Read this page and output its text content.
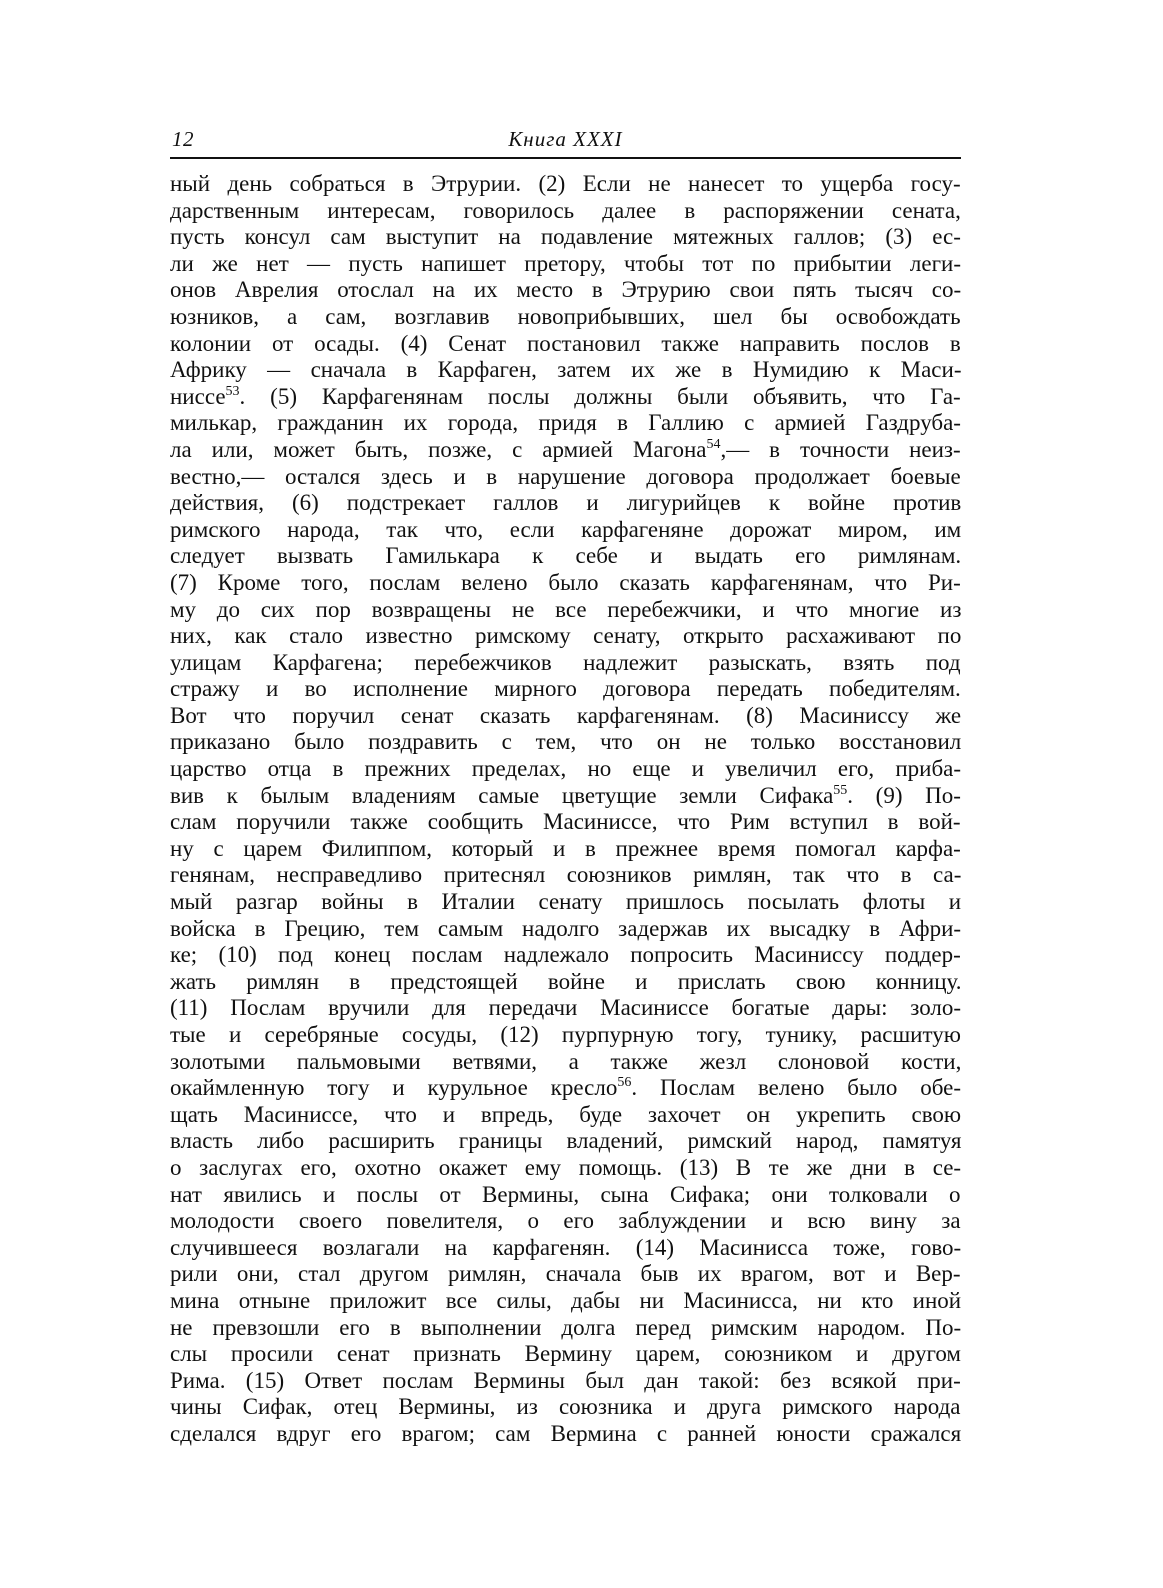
12	Книга XXXI
ный день собраться в Этрурии. (2) Если не нанесет то ущерба госу-
дарственным интересам, говорилось далее в распоряжении сената,
пусть консул сам выступит на подавление мятежных галлов; (3) ес-
ли же нет — пусть напишет претору, чтобы тот по прибытии леги-
онов Аврелия отослал на их место в Этрурию свои пять тысяч со-
юзников, а сам, возглавив новоприбывших, шел бы освобождать
колонии от осады. (4) Сенат постановил также направить послов в
Африку — сначала в Карфаген, затем их же в Нумидию к Маси-
ниссе$^{53}$. (5) Карфагенянам послы должны были объявить, что Га-
милькар, гражданин их города, придя в Галлию с армией Газдруба-
ла или, может быть, позже, с армией Магона$^{54}$,— в точности неиз-
вестно,— остался здесь и в нарушение договора продолжает боевые
действия, (6) подстрекает галлов и лигурийцев к войне против
римского народа, так что, если карфагеняне дорожат миром, им
следует вызвать Гамилькара к себе и выдать его римлянам.
(7) Кроме того, послам велено было сказать карфагенянам, что Ри-
му до сих пор возвращены не все перебежчики, и что многие из
них, как стало известно римскому сенату, открыто расхаживают по
улицам Карфагена; перебежчиков надлежит разыскать, взять под
стражу и во исполнение мирного договора передать победителям.
Вот что поручил сенат сказать карфагенянам. (8) Масиниссу же
приказано было поздравить с тем, что он не только восстановил
царство отца в прежних пределах, но еще и увеличил его, приба-
вив к былым владениям самые цветущие земли Сифака$^{55}$. (9) По-
слам поручили также сообщить Масиниссе, что Рим вступил в вой-
ну с царем Филиппом, который и в прежнее время помогал карфа-
генянам, несправедливо притеснял союзников римлян, так что в са-
мый разгар войны в Италии сенату пришлось посылать флоты и
войска в Грецию, тем самым надолго задержав их высадку в Афри-
ке; (10) под конец послам надлежало попросить Масиниссу поддер-
жать римлян в предстоящей войне и прислать свою конницу.
(11) Послам вручили для передачи Масиниссе богатые дары: золо-
тые и серебряные сосуды, (12) пурпурную тогу, тунику, расшитую
золотыми пальмовыми ветвями, а также жезл слоновой кости,
окаймленную тогу и курульное кресло$^{56}$. Послам велено было обе-
щать Масиниссе, что и впредь, буде захочет он укрепить свою
власть либо расширить границы владений, римский народ, памятуя
о заслугах его, охотно окажет ему помощь. (13) В те же дни в се-
нат явились и послы от Вермины, сына Сифака; они толковали о
молодости своего повелителя, о его заблуждении и всю вину за
случившееся возлагали на карфагенян. (14) Масинисса тоже, гово-
рили они, стал другом римлян, сначала быв их врагом, вот и Вер-
мина отныне приложит все силы, дабы ни Масинисса, ни кто иной
не превзошли его в выполнении долга перед римским народом. По-
слы просили сенат признать Вермину царем, союзником и другом
Рима. (15) Ответ послам Вермины был дан такой: без всякой при-
чины Сифак, отец Вермины, из союзника и друга римского народа
сделался вдруг его врагом; сам Вермина с ранней юности сражался
